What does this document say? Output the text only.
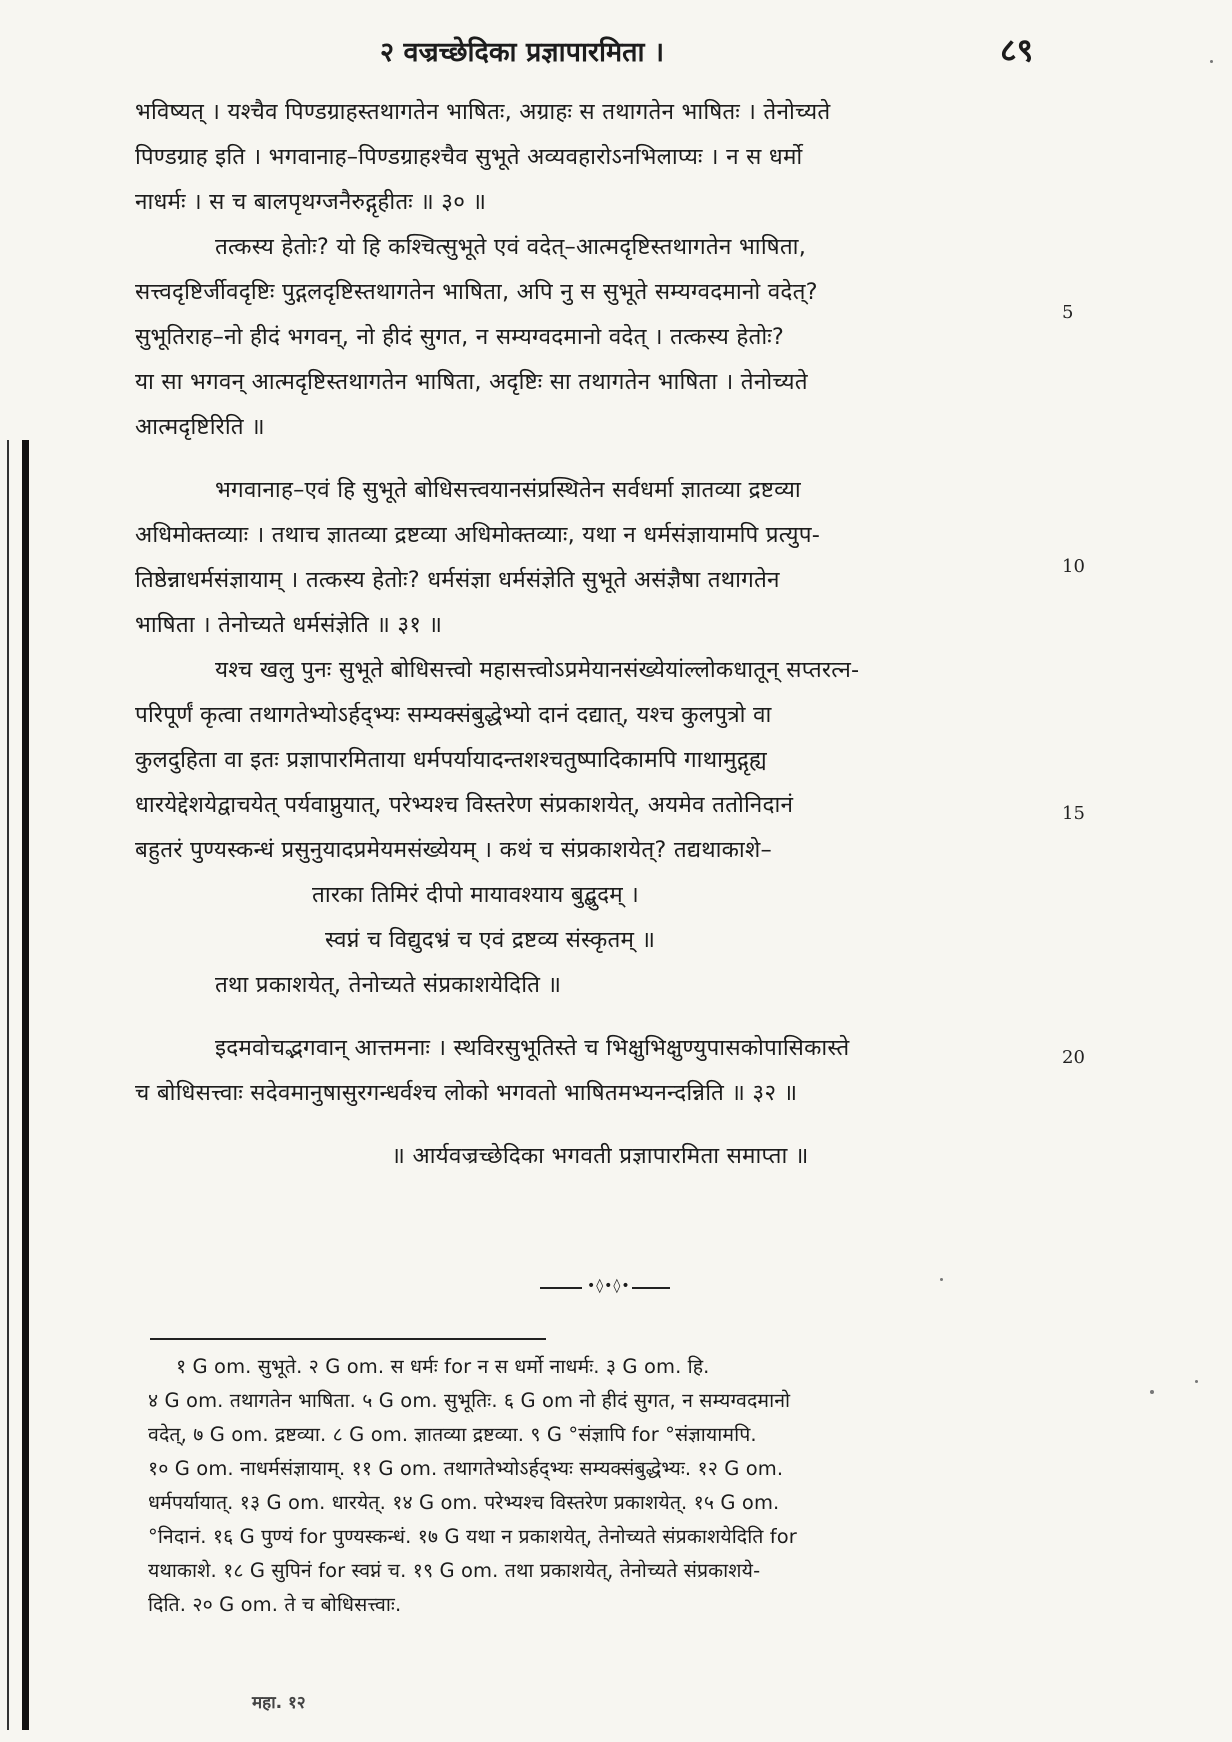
२ वज्रच्छेदिका प्रज्ञापारमिता ।	८९
भविष्यत् । यश्चैव पिण्डग्राहस्तथागतेन भाषितः, अग्राहः स तथागतेन भाषितः । तेनोच्यते
पिण्डग्राह इति । भगवानाह–पिण्डग्राहश्चैव सुभूते अव्यवहारोऽनभिलाप्यः । न स धर्मो
नाधर्मः । स च बालपृथग्जनैरुद्गृहीतः ॥ ३० ॥
तत्कस्य हेतोः? यो हि कश्चित्सुभूते एवं वदेत्–आत्मदृष्टिस्तथागतेन भाषिता,
सत्त्वदृष्टिर्जीवदृष्टिः पुद्गलदृष्टिस्तथागतेन भाषिता, अपि नु स सुभूते सम्यग्वदमानो वदेत्?
सुभूतिराह–नो हीदं भगवन्, नो हीदं सुगत, न सम्यग्वदमानो वदेत् । तत्कस्य हेतोः?
या सा भगवन् आत्मदृष्टिस्तथागतेन भाषिता, अदृष्टिः सा तथागतेन भाषिता । तेनोच्यते
आत्मदृष्टिरिति ॥
भगवानाह–एवं हि सुभूते बोधिसत्त्वयानसंप्रस्थितेन सर्वधर्मा ज्ञातव्या द्रष्टव्या
अधिमोक्तव्याः । तथाच ज्ञातव्या द्रष्टव्या अधिमोक्तव्याः, यथा न धर्मसंज्ञायामपि प्रत्युप-
तिष्ठेन्नाधर्मसंज्ञायाम् । तत्कस्य हेतोः? धर्मसंज्ञा धर्मसंज्ञेति सुभूते असंज्ञैषा तथागतेन
भाषिता । तेनोच्यते धर्मसंज्ञेति ॥ ३१ ॥
यश्च खलु पुनः सुभूते बोधिसत्त्वो महासत्त्वोऽप्रमेयानसंख्येयांल्लोकधातून् सप्तरत्न-
परिपूर्णं कृत्वा तथागतेभ्योऽर्हद्भ्यः सम्यक्संबुद्धेभ्यो दानं दद्यात्, यश्च कुलपुत्रो वा
कुलदुहिता वा इतः प्रज्ञापारमिताया धर्मपर्यायादन्तशश्चतुष्पादिकामपि गाथामुद्गृह्य
धारयेद्देशयेद्वाचयेत् पर्यवाप्नुयात्, परेभ्यश्च विस्तरेण संप्रकाशयेत्, अयमेव ततोनिदानं
बहुतरं पुण्यस्कन्धं प्रसुनुयादप्रमेयमसंख्येयम् । कथं च संप्रकाशयेत्? तद्यथाकाशे–
तारका तिमिरं दीपो मायावश्याय बुद्बुदम् ।
स्वप्नं च विद्युदभ्रं च एवं द्रष्टव्य संस्कृतम् ॥
तथा प्रकाशयेत्, तेनोच्यते संप्रकाशयेदिति ॥
इदमवोचद्भगवान् आत्तमनाः । स्थविरसुभूतिस्ते च भिक्षुभिक्षुण्युपासकोपासिकास्ते
च बोधिसत्त्वाः सदेवमानुषासुरगन्धर्वश्च लोको भगवतो भाषितमभ्यनन्दन्निति ॥ ३२ ॥
॥ आर्यवज्रच्छेदिका भगवती प्रज्ञापारमिता समाप्ता ॥
5
10
15
20
•◊•◊•
१ G om. सुभूते. २ G om. स धर्मः for न स धर्मो नाधर्मः. ३ G om. हि.
४ G om. तथागतेन भाषिता. ५ G om. सुभूतिः. ६ G om नो हीदं सुगत, न सम्यग्वदमानो
वदेत्, ७ G om. द्रष्टव्या. ८ G om. ज्ञातव्या द्रष्टव्या. ९ G °संज्ञापि for °संज्ञायामपि.
१० G om. नाधर्मसंज्ञायाम्. ११ G om. तथागतेभ्योऽर्हद्भ्यः सम्यक्संबुद्धेभ्यः. १२ G om.
धर्मपर्यायात्. १३ G om. धारयेत्. १४ G om. परेभ्यश्च विस्तरेण प्रकाशयेत्. १५ G om.
°निदानं. १६ G पुण्यं for पुण्यस्कन्धं. १७ G यथा न प्रकाशयेत्, तेनोच्यते संप्रकाशयेदिति for
यथाकाशे. १८ G सुपिनं for स्वप्नं च. १९ G om. तथा प्रकाशयेत्, तेनोच्यते संप्रकाशये-
दिति. २० G om. ते च बोधिसत्त्वाः.
महा. १२
